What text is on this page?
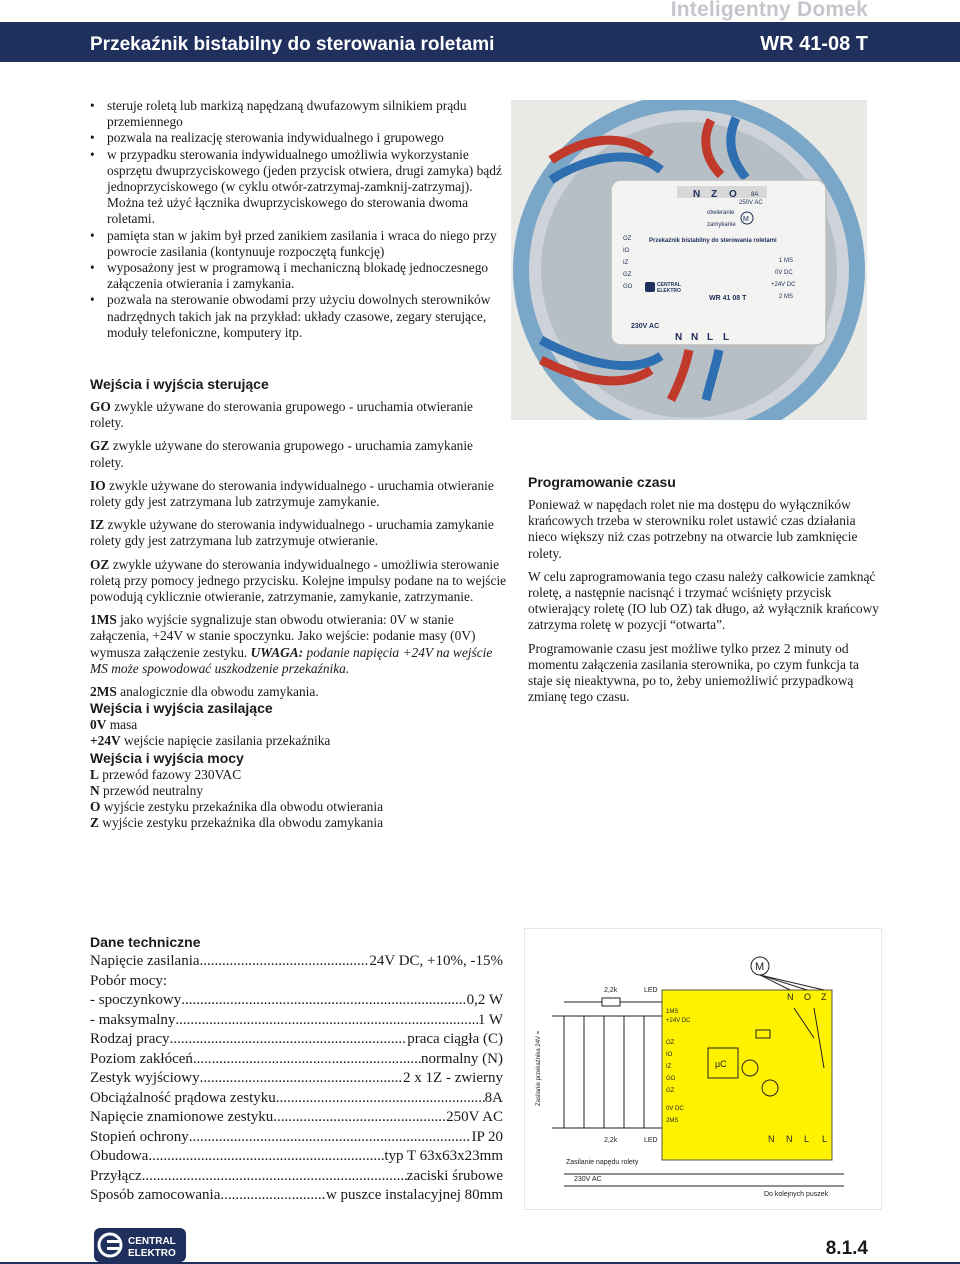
Inteligentny Domek
Przekaźnik bistabilny do sterowania roletami	WR 41-08 T
• steruje roletą lub markizą napędzaną dwufazowym silnikiem prądu przemiennego
• pozwala na realizację sterowania indywidualnego i grupowego
• w przypadku sterowania indywidualnego umożliwia wykorzystanie osprzętu dwuprzyciskowego (jeden przycisk otwiera, drugi zamyka) bądź jednoprzyciskowego (w cyklu otwór-zatrzymaj-zamknij-zatrzymaj). Można też użyć łącznika dwuprzyciskowego do sterowania dwoma roletami.
• pamięta stan w jakim był przed zanikiem zasilania i wraca do niego przy powrocie zasilania (kontynuuje rozpoczętą funkcję)
• wyposażony jest w programową i mechaniczną blokadę jednoczesnego załączenia otwierania i zamykania.
• pozwala na sterowanie obwodami przy użyciu dowolnych sterowników nadrzędnych takich jak na przykład: układy czasowe, zegary sterujące, moduły telefoniczne, komputery itp.
N Z O 8A
250V AC
otwieranie
M
zamykanie
Przekaźnik bistabilny do sterowania roletami
OZ
IO
IZ
GZ
GO
1 MS
0V DC
+24V DC
2 MS
CENTRAL
ELEKTRO
WR 41 08 T
230V AC
N N L L

Wejścia i wyjścia sterujące

GO zwykle używane do sterowania grupowego - uruchamia otwieranie rolety.

GZ zwykle używane do sterowania grupowego - uruchamia zamykanie rolety.

IO zwykle używane do sterowania indywidualnego - uruchamia otwieranie rolety gdy jest zatrzymana lub zatrzymuje zamykanie.

IZ zwykle używane do sterowania indywidualnego - uruchamia zamykanie rolety gdy jest zatrzymana lub zatrzymuje otwieranie.

OZ zwykle używane do sterowania indywidualnego - umożliwia sterowanie roletą przy pomocy jednego przycisku. Kolejne impulsy podane na to wejście powodują cyklicznie otwieranie, zatrzymanie, zamykanie, zatrzymanie.

1MS jako wyjście sygnalizuje stan obwodu otwierania: 0V w stanie załączenia, +24V w stanie spoczynku. Jako wejście: podanie masy (0V) wymusza załączenie zestyku. UWAGA: podanie napięcia +24V na wejście MS może spowodować uszkodzenie przekaźnika.

2MS analogicznie dla obwodu zamykania.

Wejścia i wyjścia zasilające

0V masa

+24V wejście napięcie zasilania przekaźnika

Wejścia i wyjścia mocy

L przewód fazowy 230VAC

N przewód neutralny

O wyjście zestyku przekaźnika dla obwodu otwierania

Z wyjście zestyku przekaźnika dla obwodu zamykania

Programowanie czasu

Ponieważ w napędach rolet nie ma dostępu do wyłączników krańcowych trzeba w sterowniku rolet ustawić czas działania nieco większy niż czas potrzebny na otwarcie lub zamknięcie rolety.

W celu zaprogramowania tego czasu należy całkowicie zamknąć roletę, a następnie nacisnąć i trzymać wciśnięty przycisk otwierający roletę (IO lub OZ) tak długo, aż wyłącznik krańcowy zatrzyma roletę w pozycji “otwarta”.

Programowanie czasu jest możliwe tylko przez 2 minuty od momentu załączenia zasilania sterownika, po czym funkcja ta staje się nieaktywna, po to, żeby uniemożliwić przypadkową zmianę tego czasu.

Dane techniczne

Napięcie zasilania .....	24V DC, +10%, -15%
Pobór mocy:
- spoczynkowy .....	0,2 W
- maksymalny .....	1 W
Rodzaj pracy .....	praca ciągła (C)
Poziom zakłóceń .....	normalny (N)
Zestyk wyjściowy .....	2 x 1Z - zwierny
Obciążalność prądowa zestyku .....	8A
Napięcie znamionowe zestyku .....	250V AC
Stopień ochrony .....	IP 20
Obudowa .....	typ T 63x63x23mm
Przyłącz .....	zaciski śrubowe
Sposób zamocowania .....	w puszce instalacyjnej 80mm
M
N O Z
2,2k	LED
1MS
+24V DC
OZ
IO
IZ
GO
GZ
µC
0V DC
2MS
2,2k	LED
Zasilanie przekaźnika 24V =
N N L L
Zasilanie napędu rolety
230V AC
Do kolejnych puszek
CENTRAL
ELEKTRO	8.1.4
